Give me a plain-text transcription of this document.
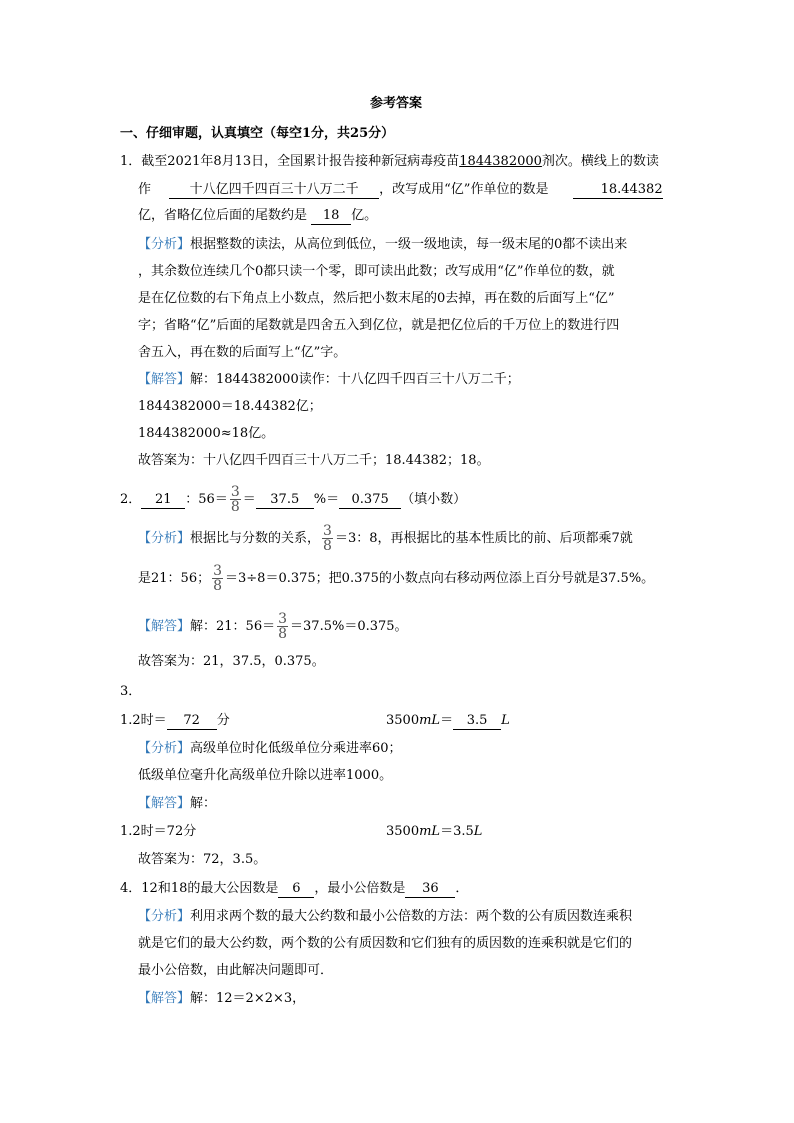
参考答案
一、仔细审题，认真填空（每空1分，共25分）
1．截至2021年8月13日，全国累计报告接种新冠病毒疫苗1844382000剂次。横线上的数读
作	十八亿四千四百三十八万二千 ，改写成用“亿”作单位的数是	18.44382
亿，省略亿位后面的尾数约是 18 亿。
【分析】根据整数的读法，从高位到低位，一级一级地读，每一级末尾的0都不读出来
，其余数位连续几个0都只读一个零，即可读出此数；改写成用“亿”作单位的数，就
是在亿位数的右下角点上小数点，然后把小数末尾的0去掉，再在数的后面写上“亿”
字；省略“亿”后面的尾数就是四舍五入到亿位，就是把亿位后的千万位上的数进行四
舍五入，再在数的后面写上“亿”字。
【解答】解：1844382000读作：十八亿四千四百三十八万二千；
1844382000＝18.44382亿；
1844382000≈18亿。
故答案为：十八亿四千四百三十八万二千；18.44382；18。
2． 21 ：$56= \frac{3}{8} = 37.5$ %＝ 0.375 （填小数）
【分析】根据比与分数的关系， $\frac{3}{8} =3$：8，再根据比的基本性质比的前、后项都乘7就
是21：56； $\frac{3}{8} =3\div 8=0.375$；把0.375的小数点向右移动两位添上百分号就是37.5%。
【解答】解：21：$56= \frac{3}{8} =37.5\%=0.375$。
故答案为：21，37.5，0.375。
3．
1.2时＝ 72 分	3500mL＝ 3.5 L
【分析】高级单位时化低级单位分乘进率60；
低级单位毫升化高级单位升除以进率1000。
【解答】解：
1.2时＝72分	3500mL＝3.5L
故答案为：72，3.5。
4．12和18的最大公因数是 6 ，最小公倍数是 36 ．
【分析】利用求两个数的最大公约数和最小公倍数的方法：两个数的公有质因数连乘积
就是它们的最大公约数，两个数的公有质因数和它们独有的质因数的连乘积就是它们的
最小公倍数，由此解决问题即可．
【解答】解：12＝2×2×3，
